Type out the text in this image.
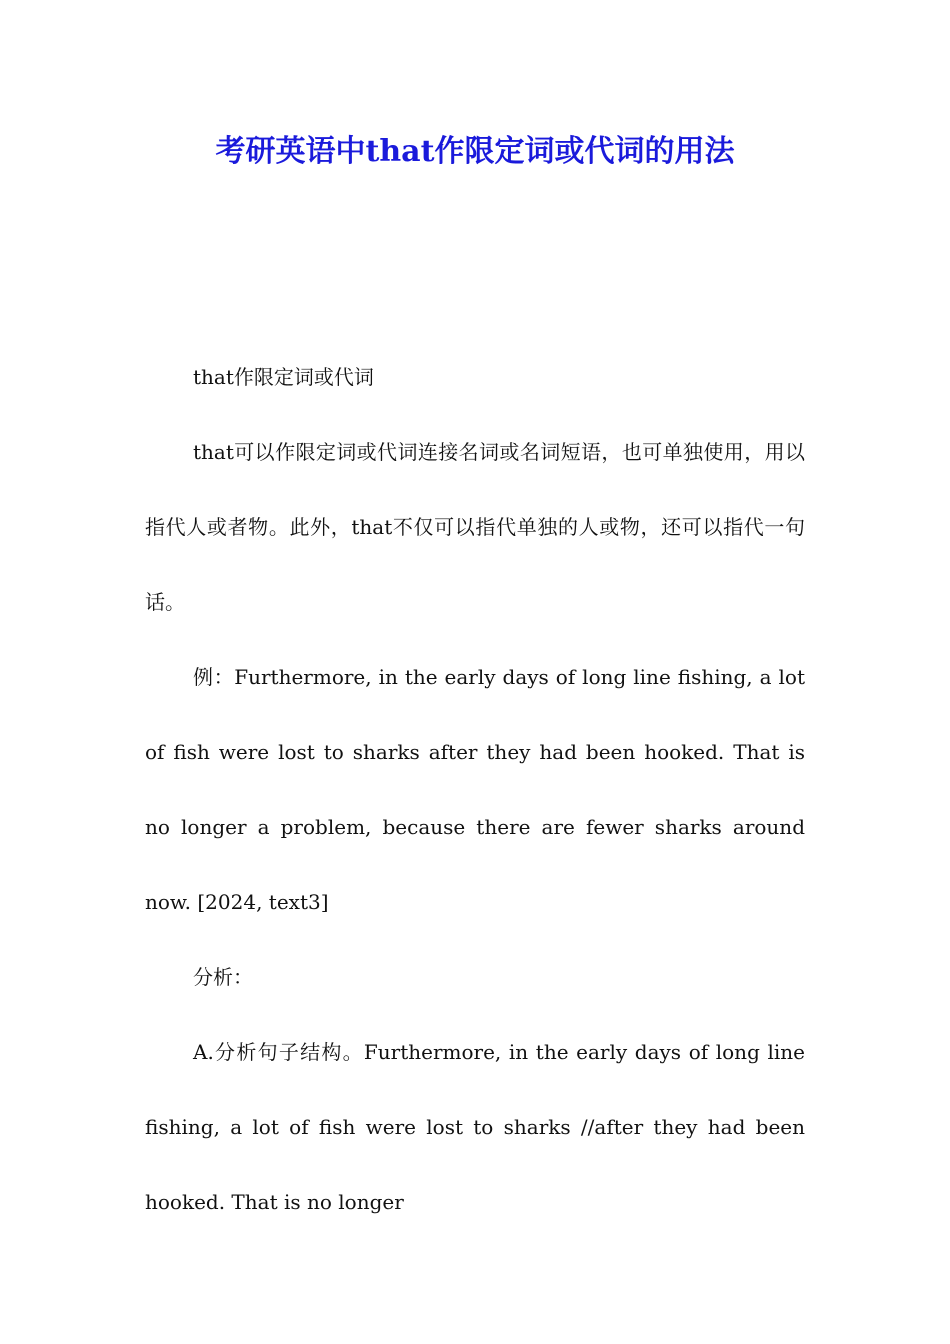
考研英语中that作限定词或代词的用法

that作限定词或代词

that可以作限定词或代词连接名词或名词短语，也可单独使用，用以指代人或者物。此外，that不仅可以指代单独的人或物，还可以指代一句话。

例：Furthermore, in the early days of long line fishing, a lot of fish were lost to sharks after they had been hooked. That is no longer a problem, because there are fewer sharks around now. [2024, text3]

分析：

A.分析句子结构。Furthermore, in the early days of long line fishing, a lot of fish were lost to sharks //after they had been hooked. That is no longer
